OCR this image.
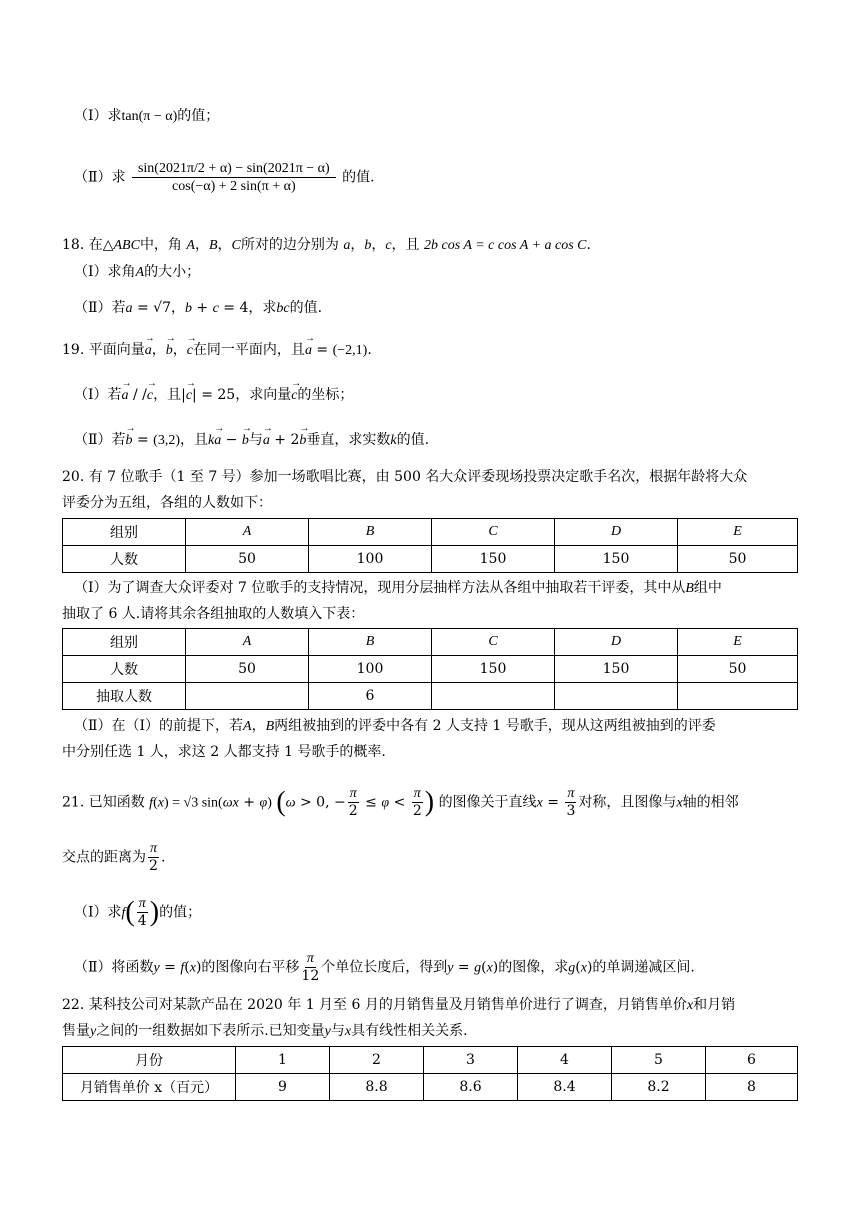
（Ⅰ）求tan(π − α)的值；
（Ⅱ）求 $\frac{\sin(2021\pi/2 + \alpha) - \sin(2021\pi - \alpha)}{\cos(-\alpha) + 2 \sin(\pi + \alpha)}$ 的值.
18. 在△ABC中，角 A，B，C所对的边分别为 a，b，c，且 2b cos A = c cos A + a cos C.
（Ⅰ）求角A的大小；
（Ⅱ）若a = √7，b + c = 4，求bc的值.
19. 平面向量→ a，→ b，→ c在同一平面内，且→ a = (−2,1).
（Ⅰ）若→ a / /→ c，且|→ c| = 25，求向量→ c的坐标；
（Ⅱ）若→ b = (3,2)，且k→ a − → b与→ a + 2→ b垂直，求实数k的值.
20. 有 7 位歌手（1 至 7 号）参加一场歌唱比赛，由 500 名大众评委现场投票决定歌手名次，根据年龄将大众
评委分为五组，各组的人数如下：
组别	A	B	C	D	E
人数	50	100	150	150	50
（Ⅰ）为了调查大众评委对 7 位歌手的支持情况，现用分层抽样方法从各组中抽取若干评委，其中从B组中
抽取了 6 人.请将其余各组抽取的人数填入下表：
组别	A	B	C	D	E
人数	50	100	150	150	50
抽取人数		6			
（Ⅱ）在（Ⅰ）的前提下，若A，B两组被抽到的评委中各有 2 人支持 1 号歌手，现从这两组被抽到的评委
中分别任选 1 人，求这 2 人都支持 1 号歌手的概率.
21. 已知函数 f(x) = √3 sin(ωx + φ) (ω > 0, − $\frac{\pi}{2} \le \varphi < \frac{\pi}{2}$ ) 的图像关于直线$x = \frac{\pi}{3}$ 对称，且图像与x轴的相邻
交点的距离为 $\frac{\pi}{2}$ .
（Ⅰ）求$f( \frac{\pi}{4}$ )的值；
（Ⅱ）将函数y = f(x)的图像向右平移 $\frac{\pi}{12}$ 个单位长度后，得到y = g(x)的图像，求g(x)的单调递减区间.
22. 某科技公司对某款产品在 2020 年 1 月至 6 月的月销售量及月销售单价进行了调查，月销售单价x和月销
售量y之间的一组数据如下表所示.已知变量y与x具有线性相关关系.
月份	1	2	3	4	5	6
月销售单价 x（百元）	9	8.8	8.6	8.4	8.2	8
